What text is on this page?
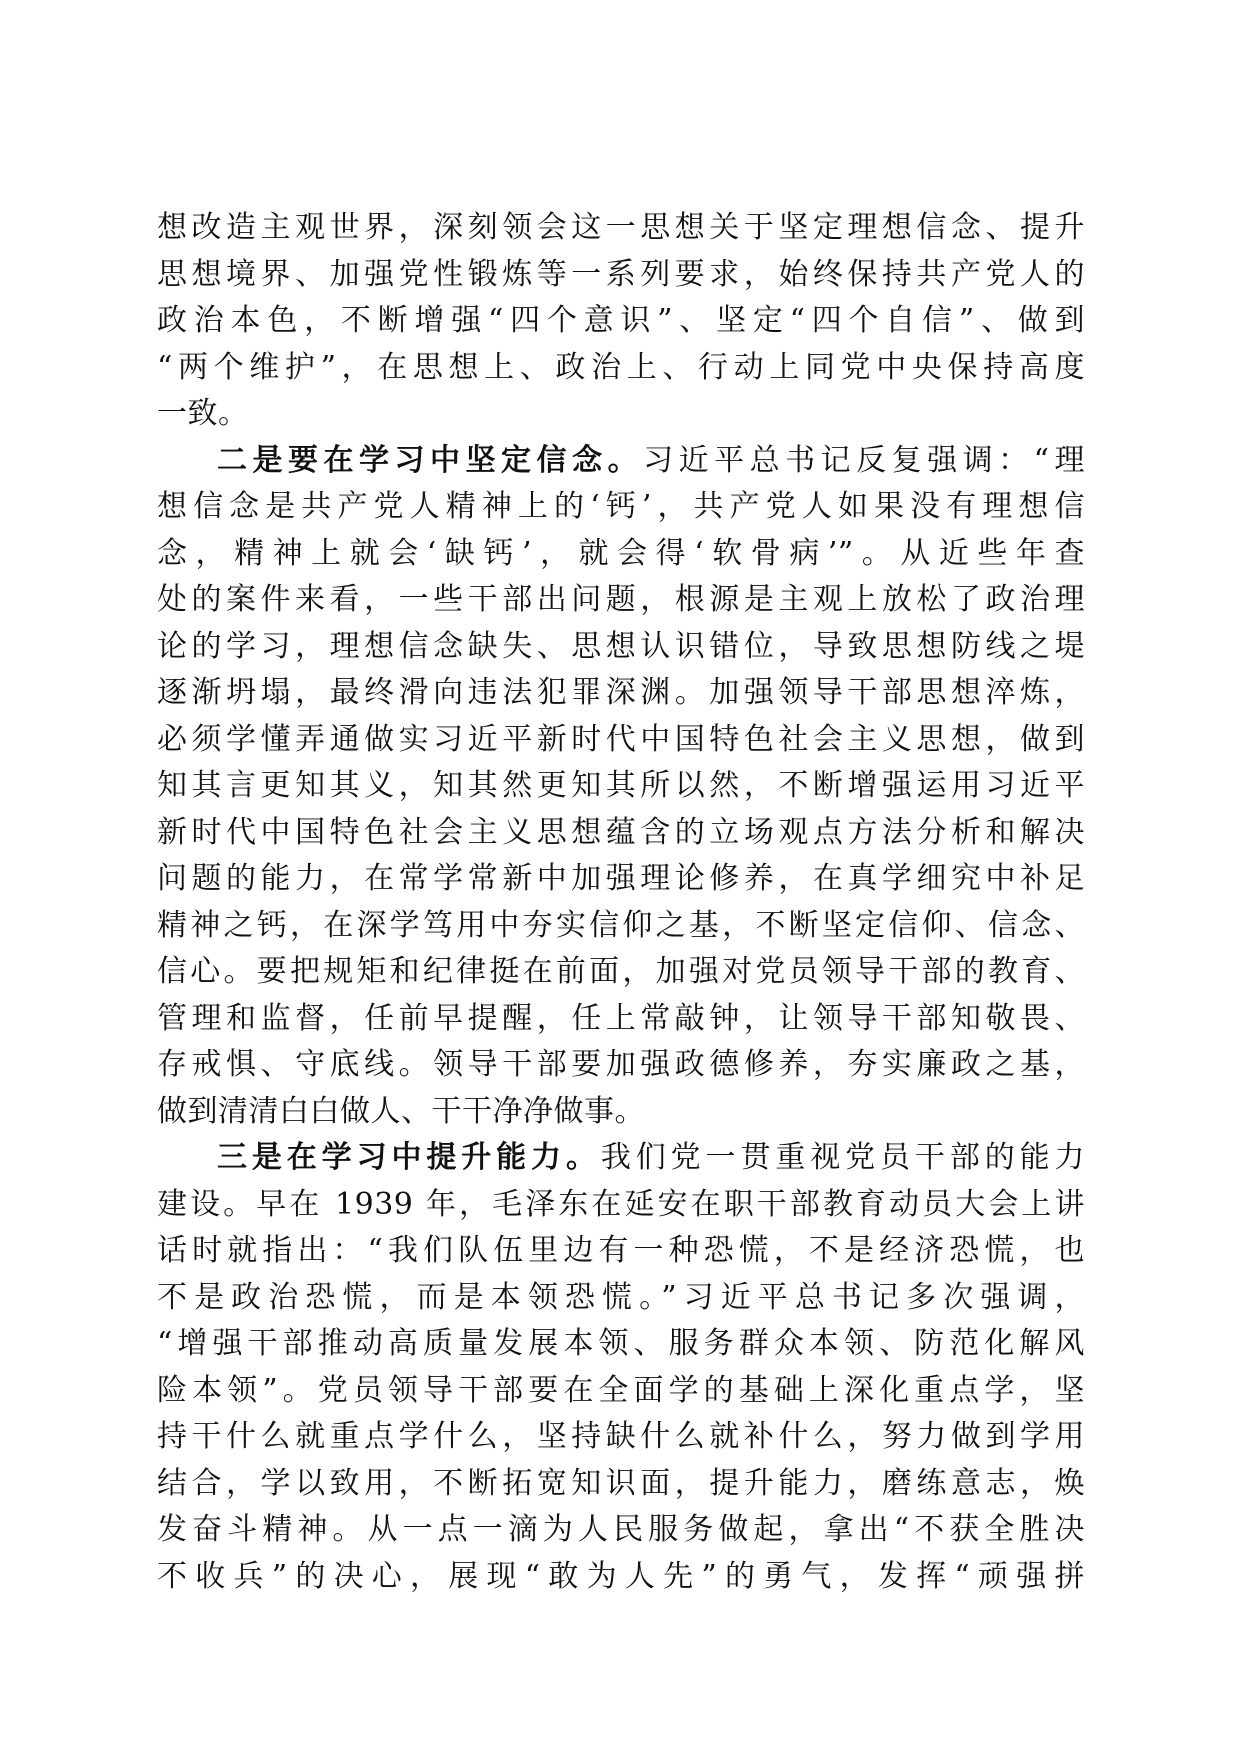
想改造主观世界，深刻领会这一思想关于坚定理想信念、提升
思想境界、加强党性锻炼等一系列要求，始终保持共产党人的
政治本色，不断增强“四个意识”、坚定“四个自信”、做到
“两个维护”，在思想上、政治上、行动上同党中央保持高度
一致。
二是要在学习中坚定信念。习近平总书记反复强调：“理
想信念是共产党人精神上的‘钙’，共产党人如果没有理想信
念，精神上就会‘缺钙’，就会得‘软骨病’”。从近些年查
处的案件来看，一些干部出问题，根源是主观上放松了政治理
论的学习，理想信念缺失、思想认识错位，导致思想防线之堤
逐渐坍塌，最终滑向违法犯罪深渊。加强领导干部思想淬炼，
必须学懂弄通做实习近平新时代中国特色社会主义思想，做到
知其言更知其义，知其然更知其所以然，不断增强运用习近平
新时代中国特色社会主义思想蕴含的立场观点方法分析和解决
问题的能力，在常学常新中加强理论修养，在真学细究中补足
精神之钙，在深学笃用中夯实信仰之基，不断坚定信仰、信念、
信心。要把规矩和纪律挺在前面，加强对党员领导干部的教育、
管理和监督，任前早提醒，任上常敲钟，让领导干部知敬畏、
存戒惧、守底线。领导干部要加强政德修养，夯实廉政之基，
做到清清白白做人、干干净净做事。
三是在学习中提升能力。我们党一贯重视党员干部的能力
建设。早在 1939 年，毛泽东在延安在职干部教育动员大会上讲
话时就指出：“我们队伍里边有一种恐慌，不是经济恐慌，也
不是政治恐慌，而是本领恐慌。”习近平总书记多次强调，
“增强干部推动高质量发展本领、服务群众本领、防范化解风
险本领”。党员领导干部要在全面学的基础上深化重点学，坚
持干什么就重点学什么，坚持缺什么就补什么，努力做到学用
结合，学以致用，不断拓宽知识面，提升能力，磨练意志，焕
发奋斗精神。从一点一滴为人民服务做起，拿出“不获全胜决
不收兵”的决心，展现“敢为人先”的勇气，发挥“顽强拼
